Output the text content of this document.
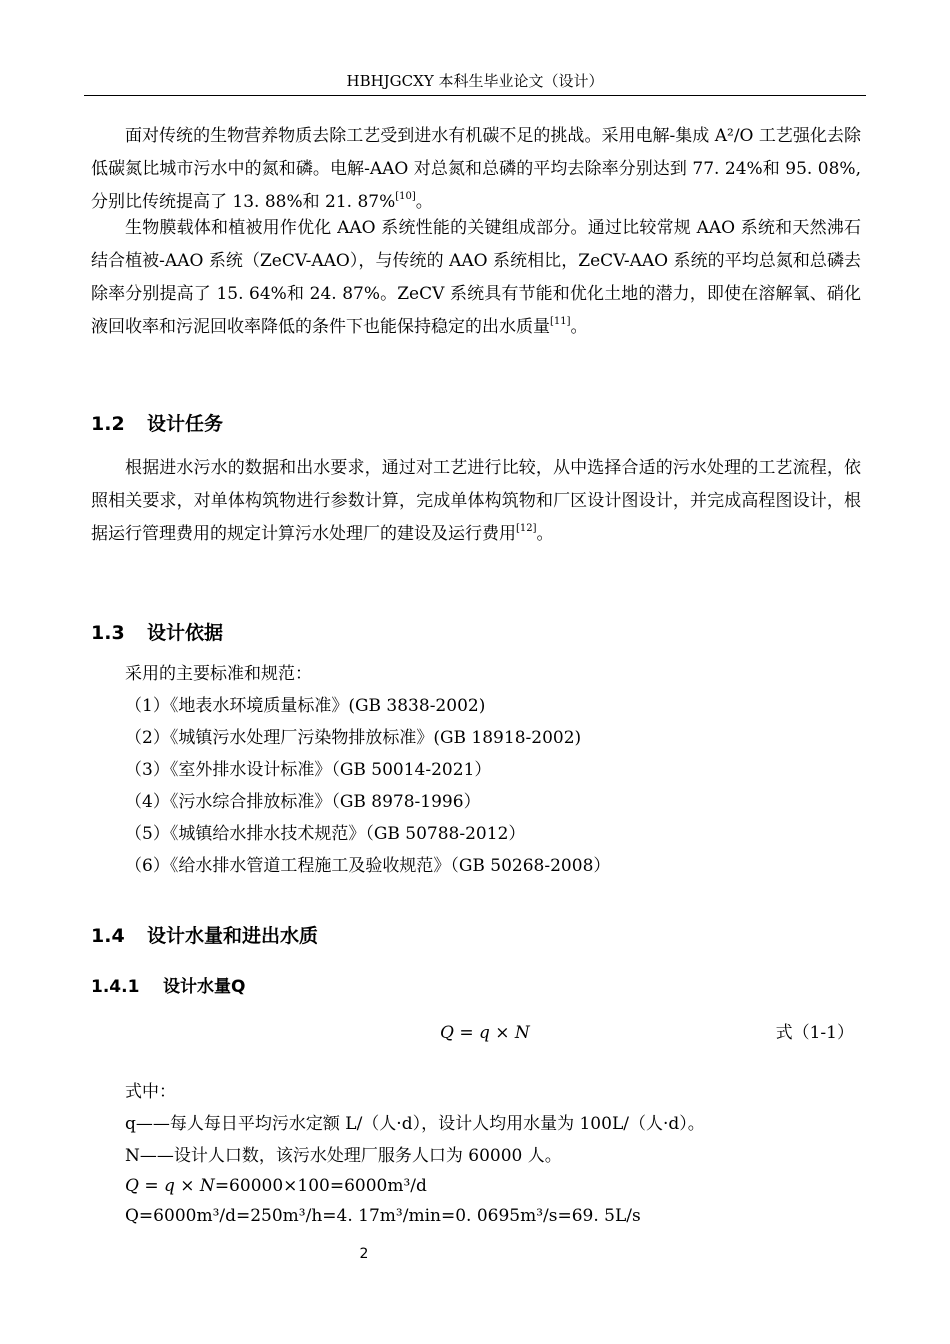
HBHJGCXY 本科生毕业论文（设计）

面对传统的生物营养物质去除工艺受到进水有机碳不足的挑战。采用电解-集成 A²/O 工艺强化去除低碳氮比城市污水中的氮和磷。电解-AAO 对总氮和总磷的平均去除率分别达到 77. 24%和 95. 08%, 分别比传统提高了 13. 88%和 21. 87%[10]。

生物膜载体和植被用作优化 AAO 系统性能的关键组成部分。通过比较常规 AAO 系统和天然沸石结合植被-AAO 系统（ZeCV-AAO），与传统的 AAO 系统相比，ZeCV-AAO 系统的平均总氮和总磷去除率分别提高了 15. 64%和 24. 87%。ZeCV 系统具有节能和优化土地的潜力，即使在溶解氧、硝化液回收率和污泥回收率降低的条件下也能保持稳定的出水质量[11]。

1.2 设计任务

根据进水污水的数据和出水要求，通过对工艺进行比较，从中选择合适的污水处理的工艺流程，依照相关要求，对单体构筑物进行参数计算，完成单体构筑物和厂区设计图设计，并完成高程图设计，根据运行管理费用的规定计算污水处理厂的建设及运行费用[12]。

1.3 设计依据

采用的主要标准和规范：

（1）《地表水环境质量标准》(GB 3838-2002)

（2）《城镇污水处理厂污染物排放标准》(GB 18918-2002)

（3）《室外排水设计标准》（GB 50014-2021）

（4）《污水综合排放标准》（GB 8978-1996）

（5）《城镇给水排水技术规范》（GB 50788-2012）

（6）《给水排水管道工程施工及验收规范》（GB 50268-2008）

1.4 设计水量和进出水质
1.4.1 设计水量Q
Q = q × N	式（1-1）

式中：

q——每人每日平均污水定额 L/（人·d），设计人均用水量为 100L/（人·d）。

N——设计人口数，该污水处理厂服务人口为 60000 人。

Q = q × N=60000×100=6000m³/d

Q=6000m³/d=250m³/h=4. 17m³/min=0. 0695m³/s=69. 5L/s

2
